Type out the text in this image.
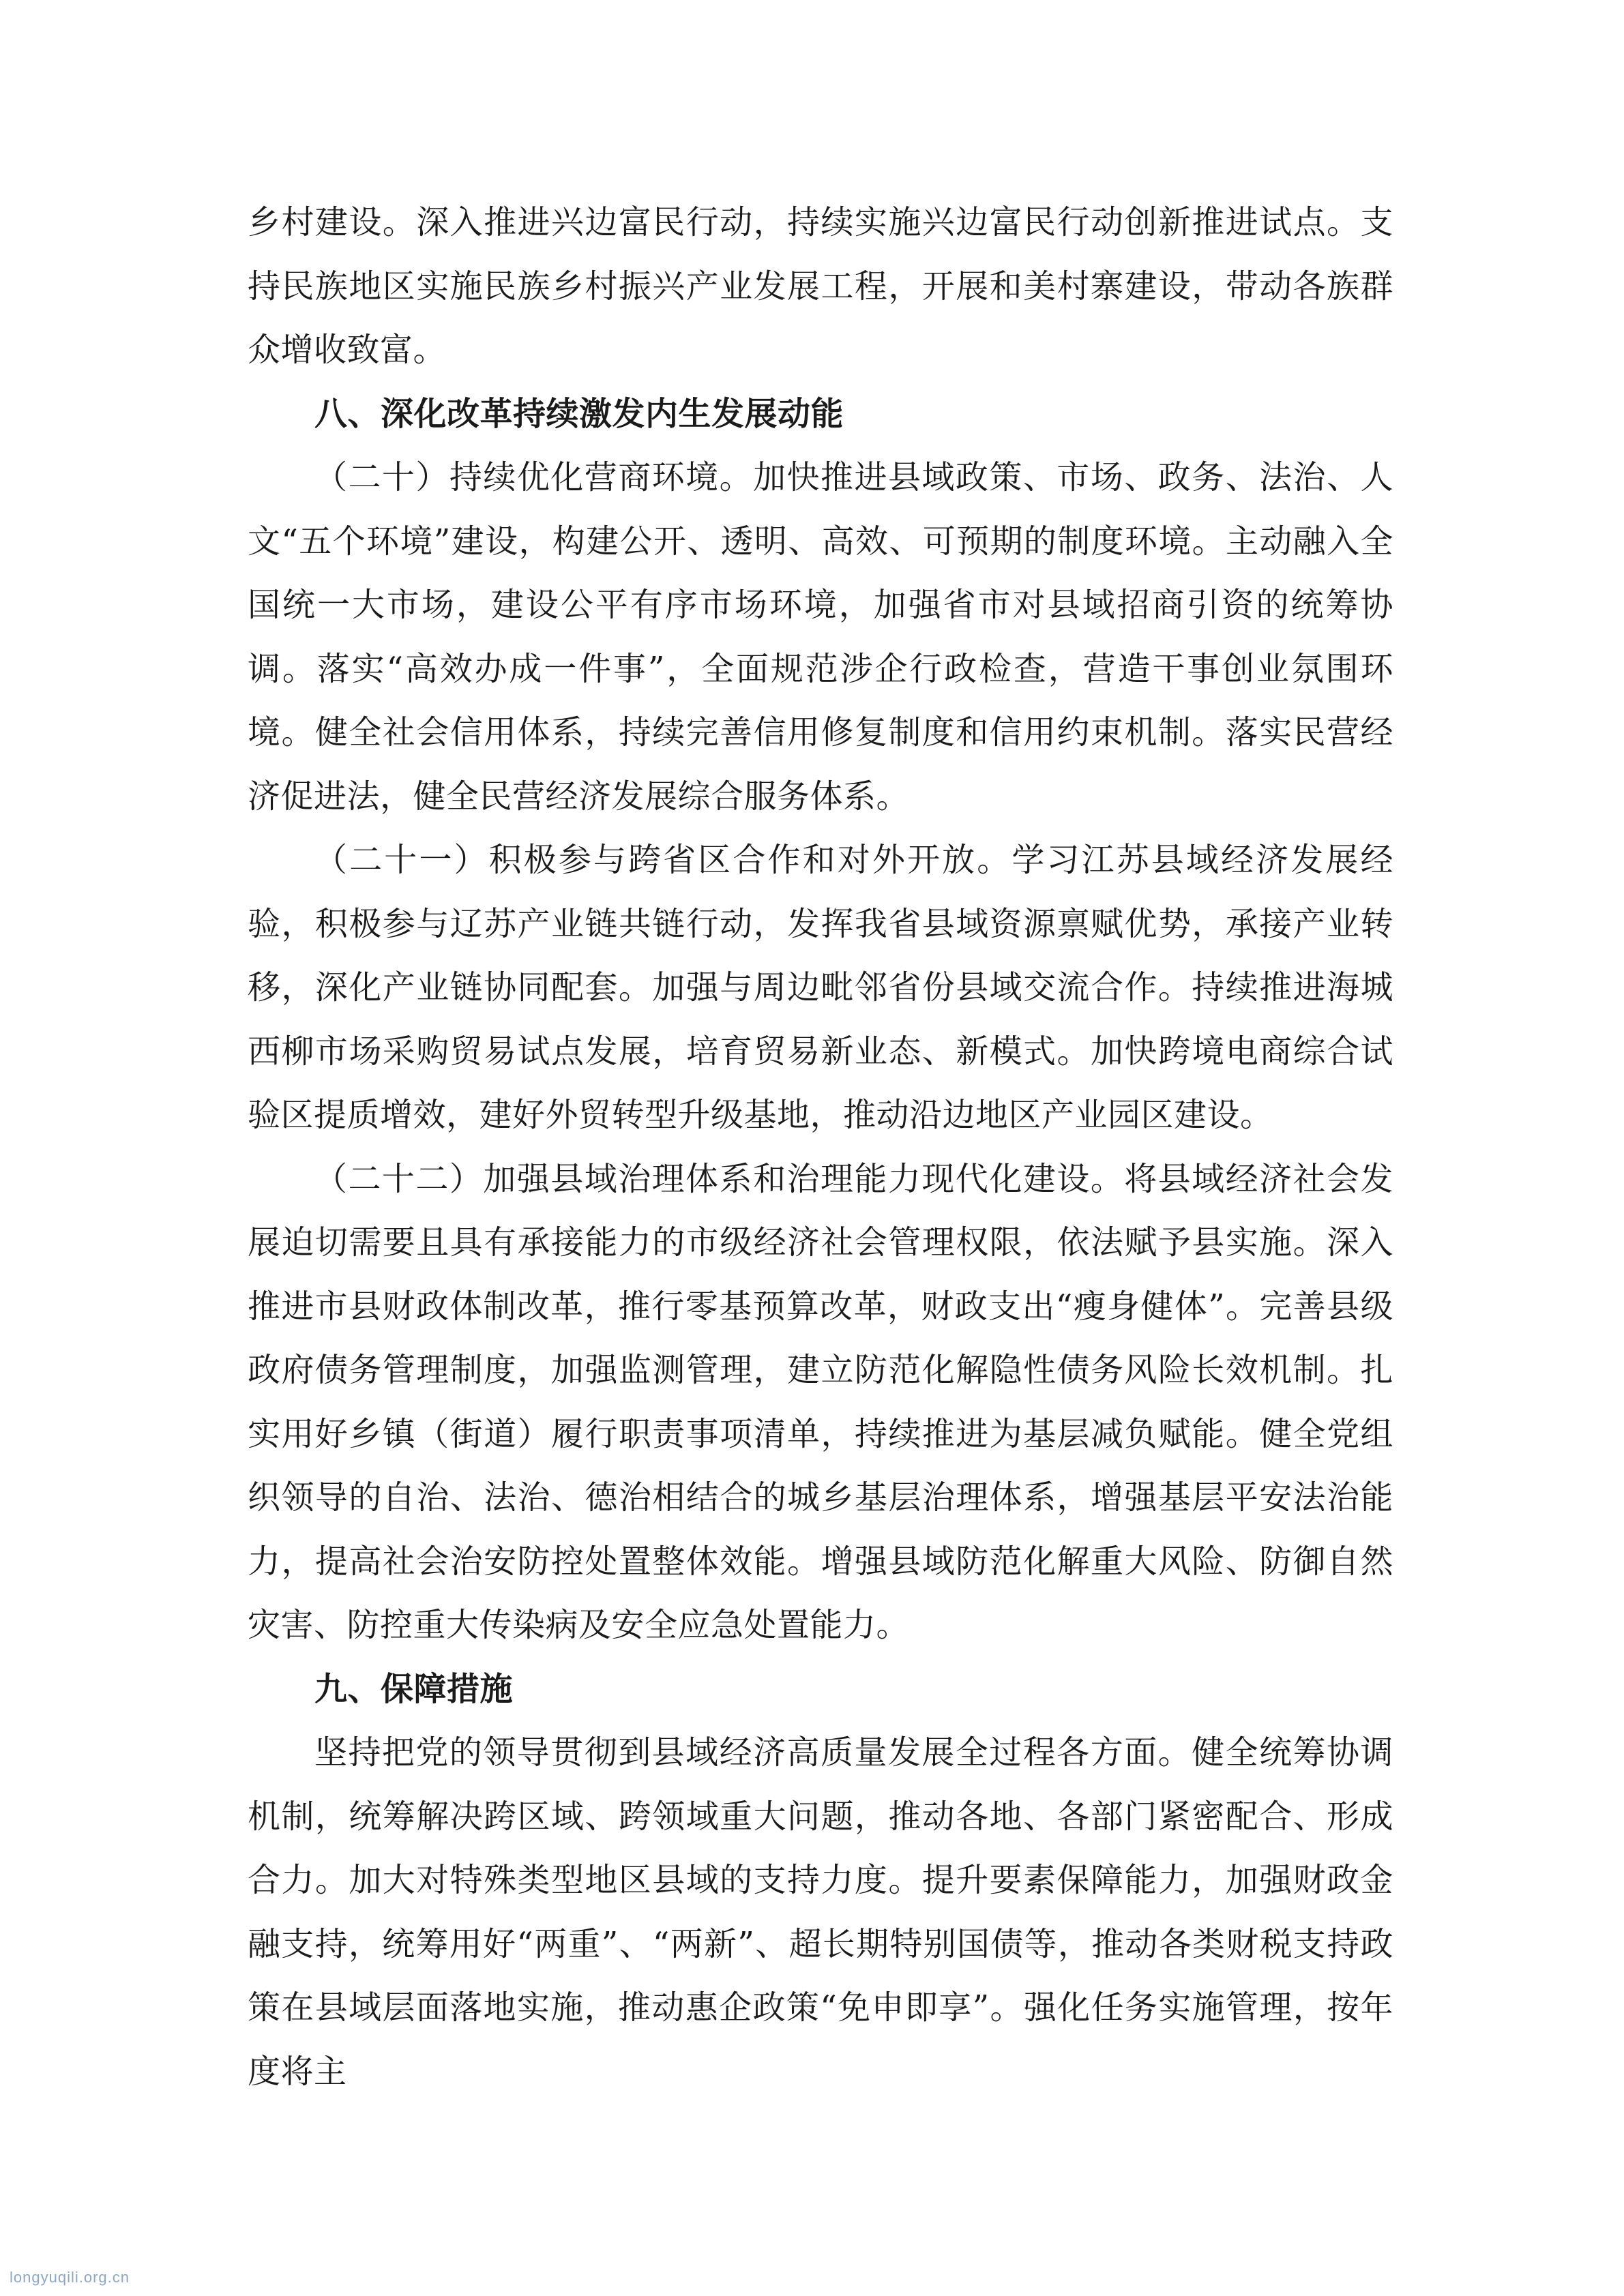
乡村建设。深入推进兴边富民行动，持续实施兴边富民行动创新推进试点。支持民族地区实施民族乡村振兴产业发展工程，开展和美村寨建设，带动各族群众增收致富。

八、深化改革持续激发内生发展动能

（二十）持续优化营商环境。加快推进县域政策、市场、政务、法治、人文“五个环境”建设，构建公开、透明、高效、可预期的制度环境。主动融入全国统一大市场，建设公平有序市场环境，加强省市对县域招商引资的统筹协调。落实“高效办成一件事”，全面规范涉企行政检查，营造干事创业氛围环境。健全社会信用体系，持续完善信用修复制度和信用约束机制。落实民营经济促进法，健全民营经济发展综合服务体系。

（二十一）积极参与跨省区合作和对外开放。学习江苏县域经济发展经验，积极参与辽苏产业链共链行动，发挥我省县域资源禀赋优势，承接产业转移，深化产业链协同配套。加强与周边毗邻省份县域交流合作。持续推进海城西柳市场采购贸易试点发展，培育贸易新业态、新模式。加快跨境电商综合试验区提质增效，建好外贸转型升级基地，推动沿边地区产业园区建设。

（二十二）加强县域治理体系和治理能力现代化建设。将县域经济社会发展迫切需要且具有承接能力的市级经济社会管理权限，依法赋予县实施。深入推进市县财政体制改革，推行零基预算改革，财政支出“瘦身健体”。完善县级政府债务管理制度，加强监测管理，建立防范化解隐性债务风险长效机制。扎实用好乡镇（街道）履行职责事项清单，持续推进为基层减负赋能。健全党组织领导的自治、法治、德治相结合的城乡基层治理体系，增强基层平安法治能力，提高社会治安防控处置整体效能。增强县域防范化解重大风险、防御自然灾害、防控重大传染病及安全应急处置能力。

九、保障措施

坚持把党的领导贯彻到县域经济高质量发展全过程各方面。健全统筹协调机制，统筹解决跨区域、跨领域重大问题，推动各地、各部门紧密配合、形成合力。加大对特殊类型地区县域的支持力度。提升要素保障能力，加强财政金融支持，统筹用好“两重”、“两新”、超长期特别国债等，推动各类财税支持政策在县域层面落地实施，推动惠企政策“免申即享”。强化任务实施管理，按年度将主

longyuqili.org.cn
